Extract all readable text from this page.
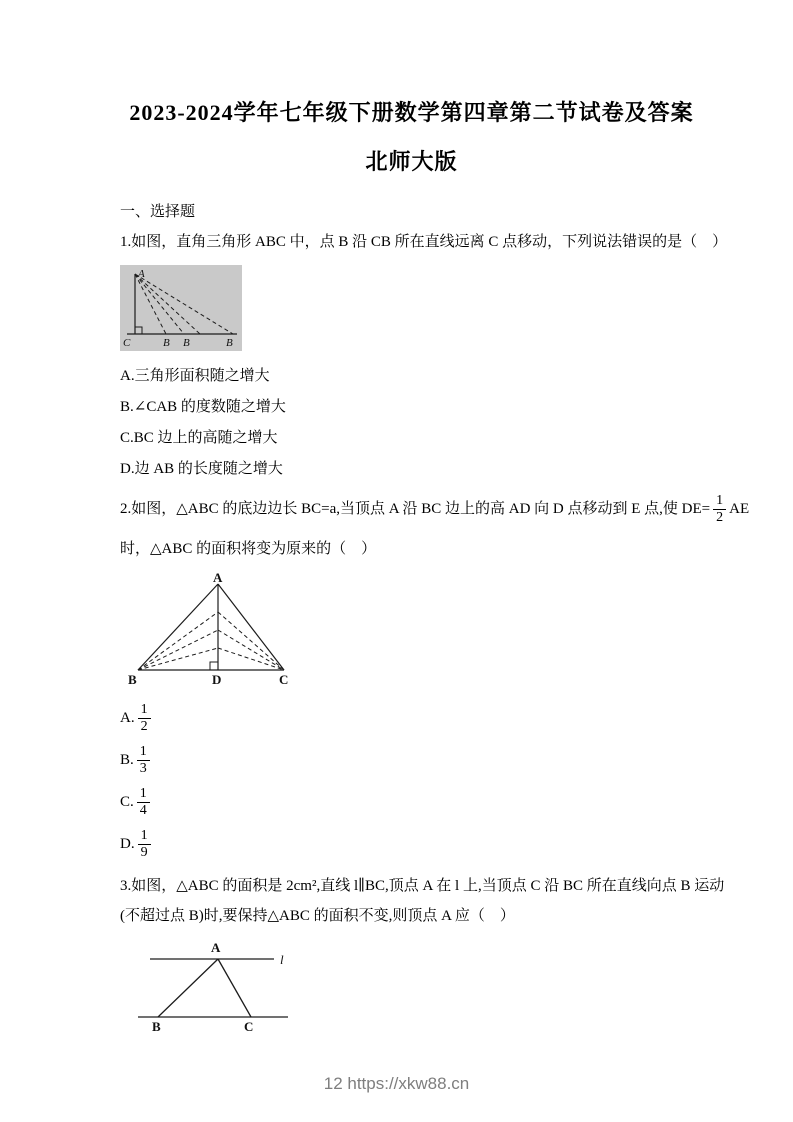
2023-2024学年七年级下册数学第四章第二节试卷及答案北师大版
一、选择题

1.如图，直角三角形 ABC 中，点 B 沿 CB 所在直线远离 C 点移动，下列说法错误的是（　）

A
C	B B	B

A.三角形面积随之增大

B.∠CAB 的度数随之增大

C.BC 边上的高随之增大

D.边 AB 的长度随之增大

2.如图，△ABC 的底边边长 BC=a,当顶点 A 沿 BC 边上的高 AD 向 D 点移动到 E 点,使 $DE= \frac{1}{2}$ AE

时，△ABC 的面积将变为原来的（　）

A
B	D	C
A. $\frac{1}{2}$
B. $\frac{1}{3}$
C. $\frac{1}{4}$
D. $\frac{1}{9}$

3.如图，△ABC 的面积是 2cm²,直线 l∥BC,顶点 A 在 l 上,当顶点 C 沿 BC 所在直线向点 B 运动

(不超过点 B)时,要保持△ABC 的面积不变,则顶点 A 应（　）

A
l
B	C
12 https://xkw88.cn
